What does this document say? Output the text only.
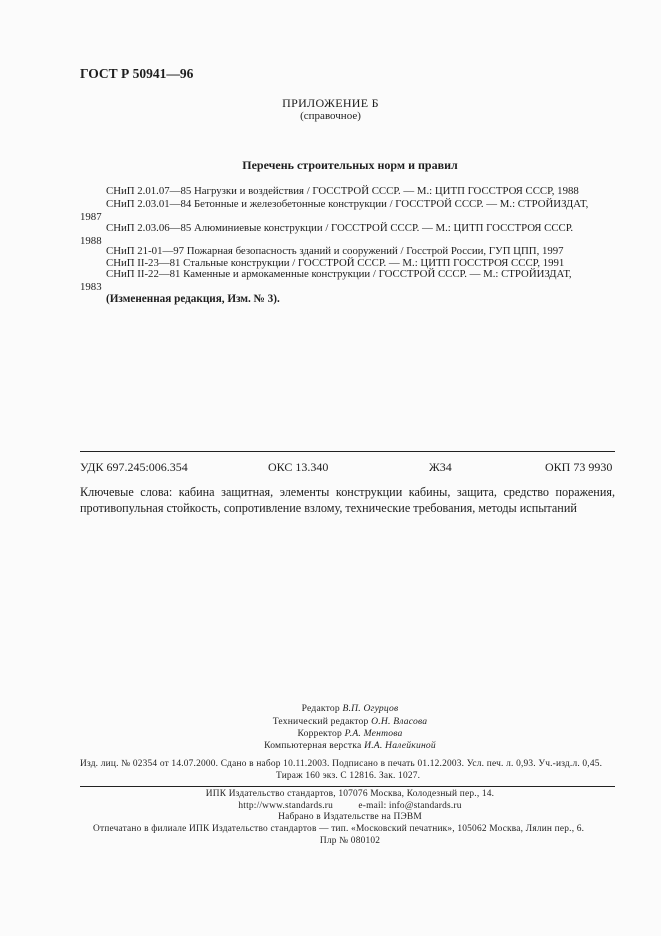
ГОСТ Р 50941—96
ПРИЛОЖЕНИЕ Б
(справочное)
Перечень строительных норм и правил
СНиП 2.01.07—85 Нагрузки и воздействия / ГОССТРОЙ СССР. — М.: ЦИТП ГОССТРОЯ СССР, 1988
СНиП 2.03.01—84 Бетонные и железобетонные конструкции / ГОССТРОЙ СССР. — М.: СТРОЙИЗДАТ,
1987
СНиП 2.03.06—85 Алюминиевые конструкции / ГОССТРОЙ СССР. — М.: ЦИТП ГОССТРОЯ СССР.
1988
СНиП 21-01—97 Пожарная безопасность зданий и сооружений / Госстрой России, ГУП ЦПП, 1997
СНиП II-23—81 Стальные конструкции / ГОССТРОЙ СССР. — М.: ЦИТП ГОССТРОЯ СССР, 1991
СНиП II-22—81 Каменные и армокаменные конструкции / ГОССТРОЙ СССР. — М.: СТРОЙИЗДАТ,
1983
(Измененная редакция, Изм. № 3).
УДК 697.245:006.354	ОКС 13.340	Ж34	ОКП 73 9930
Ключевые слова: кабина защитная, элементы конструкции кабины, защита, средство поражения, противопульная стойкость, сопротивление взлому, технические требования, методы испытаний
Редактор В.П. Огурцов
Технический редактор О.Н. Власова
Корректор Р.А. Ментова
Компьютерная верстка И.А. Налейкиной
Изд. лиц. № 02354 от 14.07.2000. Сдано в набор 10.11.2003. Подписано в печать 01.12.2003. Усл. печ. л. 0,93. Уч.-изд.л. 0,45.
Тираж 160 экз. С 12816. Зак. 1027.
ИПК Издательство стандартов, 107076 Москва, Колодезный пер., 14.
http://www.standards.ru          e-mail: info@standards.ru
Набрано в Издательстве на ПЭВМ
Отпечатано в филиале ИПК Издательство стандартов — тип. «Московский печатник», 105062 Москва, Лялин пер., 6.
Плр № 080102
